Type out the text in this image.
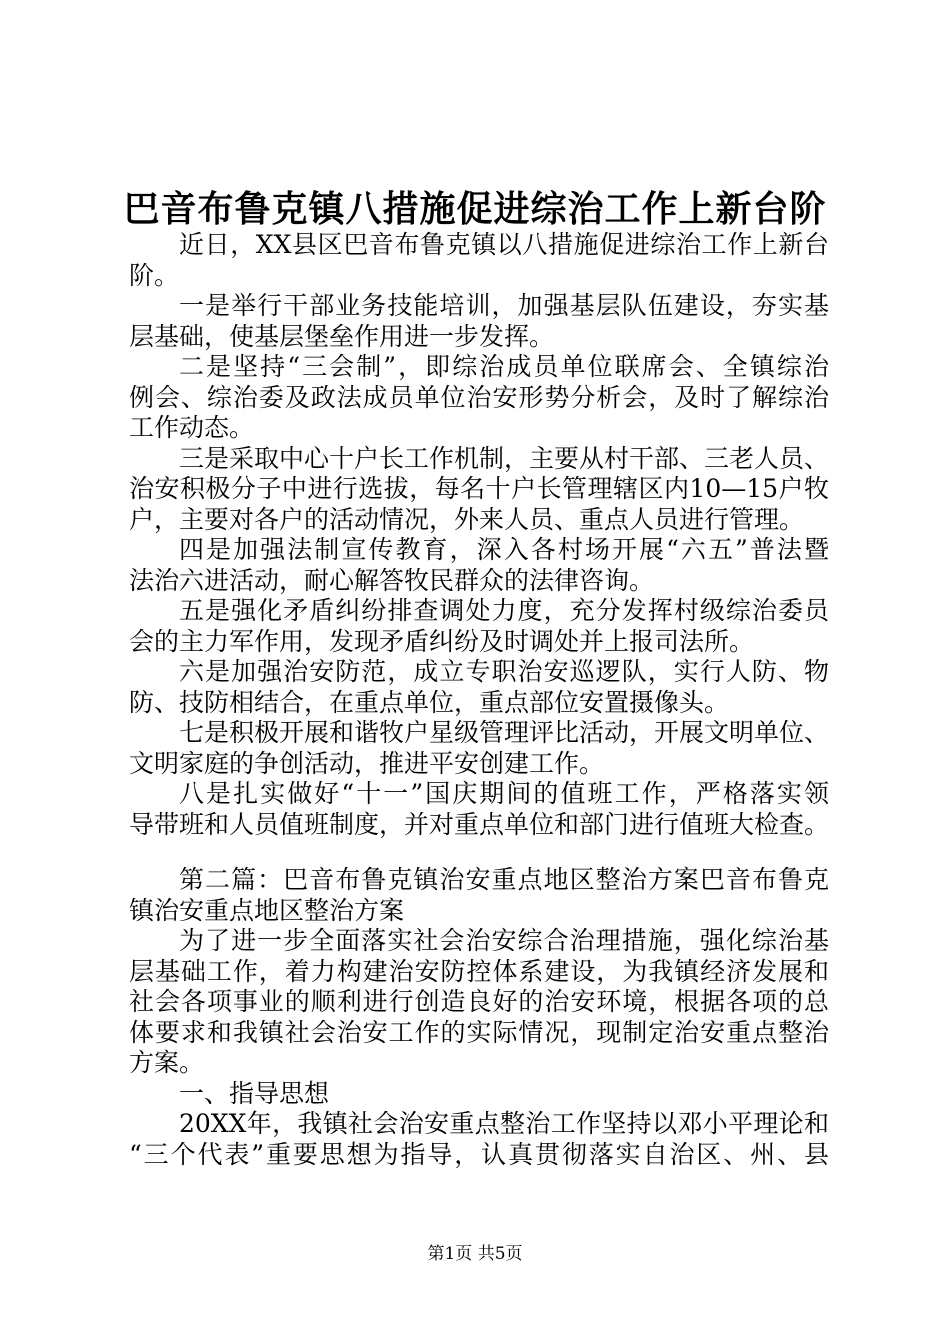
巴音布鲁克镇八措施促进综治工作上新台阶
近日，XX县区巴音布鲁克镇以八措施促进综治工作上新台
阶。
一是举行干部业务技能培训，加强基层队伍建设，夯实基
层基础，使基层堡垒作用进一步发挥。
二是坚持“三会制”，即综治成员单位联席会、全镇综治
例会、综治委及政法成员单位治安形势分析会，及时了解综治
工作动态。
三是采取中心十户长工作机制，主要从村干部、三老人员、
治安积极分子中进行选拔，每名十户长管理辖区内10—15户牧
户，主要对各户的活动情况，外来人员、重点人员进行管理。
四是加强法制宣传教育，深入各村场开展“六五”普法暨
法治六进活动，耐心解答牧民群众的法律咨询。
五是强化矛盾纠纷排查调处力度，充分发挥村级综治委员
会的主力军作用，发现矛盾纠纷及时调处并上报司法所。
六是加强治安防范，成立专职治安巡逻队，实行人防、物
防、技防相结合，在重点单位，重点部位安置摄像头。
七是积极开展和谐牧户星级管理评比活动，开展文明单位、
文明家庭的争创活动，推进平安创建工作。
八是扎实做好“十一”国庆期间的值班工作，严格落实领
导带班和人员值班制度，并对重点单位和部门进行值班大检查。
第二篇：巴音布鲁克镇治安重点地区整治方案巴音布鲁克
镇治安重点地区整治方案
为了进一步全面落实社会治安综合治理措施，强化综治基
层基础工作，着力构建治安防控体系建设，为我镇经济发展和
社会各项事业的顺利进行创造良好的治安环境，根据各项的总
体要求和我镇社会治安工作的实际情况，现制定治安重点整治
方案。
一、指导思想
20XX年，我镇社会治安重点整治工作坚持以邓小平理论和
“三个代表”重要思想为指导，认真贯彻落实自治区、州、县
第1页 共5页
